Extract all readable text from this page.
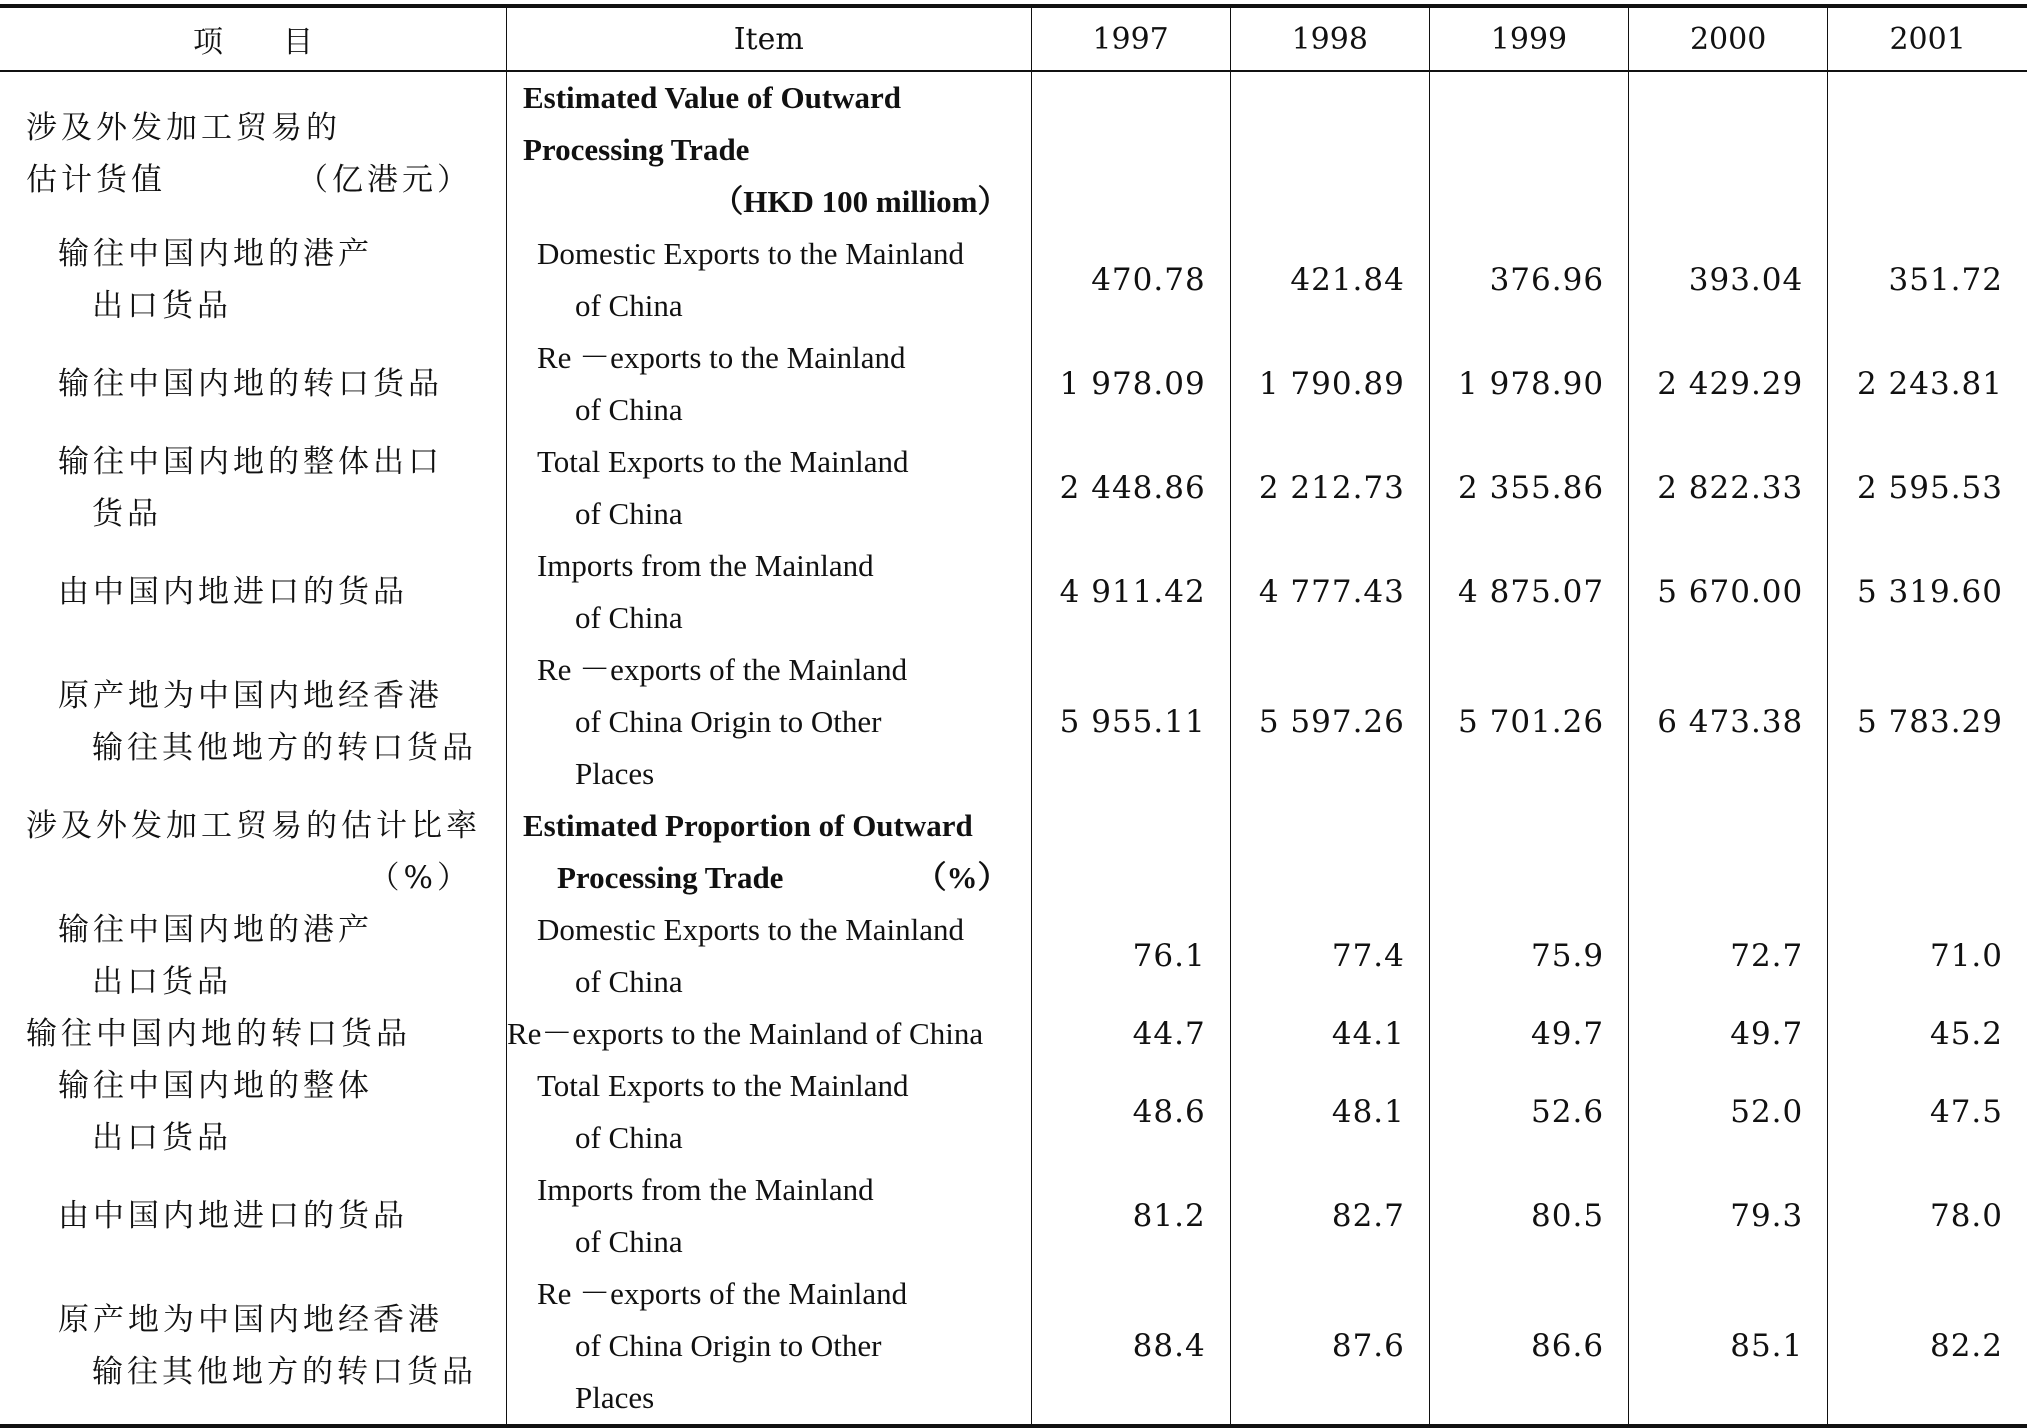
项　　目	Item	1997	1998	1999	2000	2001

涉及外发加工贸易的
估计货值 （亿港元）	Estimated Value of Outward
Processing Trade
（HKD 100 milliom）					

输往中国内地的港产
出口货品	Domestic Exports to the Mainland
of China	470.78	421.84	376.96	393.04	351.72

输往中国内地的转口货品	Re －exports to the Mainland
of China	1 978.09	1 790.89	1 978.90	2 429.29	2 243.81

输往中国内地的整体出口
货品	Total Exports to the Mainland
of China	2 448.86	2 212.73	2 355.86	2 822.33	2 595.53

由中国内地进口的货品	Imports from the Mainland
of China	4 911.42	4 777.43	4 875.07	5 670.00	5 319.60

原产地为中国内地经香港
输往其他地方的转口货品	Re －exports of the Mainland
of China Origin to Other
Places	5 955.11	5 597.26	5 701.26	6 473.38	5 783.29

涉及外发加工贸易的估计比率
（%）	Estimated Proportion of Outward
Processing Trade （%）					

输往中国内地的港产
出口货品	Domestic Exports to the Mainland
of China	76.1	77.4	75.9	72.7	71.0

输往中国内地的转口货品	Re－exports to the Mainland of China	44.7	44.1	49.7	49.7	45.2

输往中国内地的整体
出口货品	Total Exports to the Mainland
of China	48.6	48.1	52.6	52.0	47.5

由中国内地进口的货品	Imports from the Mainland
of China	81.2	82.7	80.5	79.3	78.0

原产地为中国内地经香港
输往其他地方的转口货品	Re －exports of the Mainland
of China Origin to Other
Places	88.4	87.6	86.6	85.1	82.2
